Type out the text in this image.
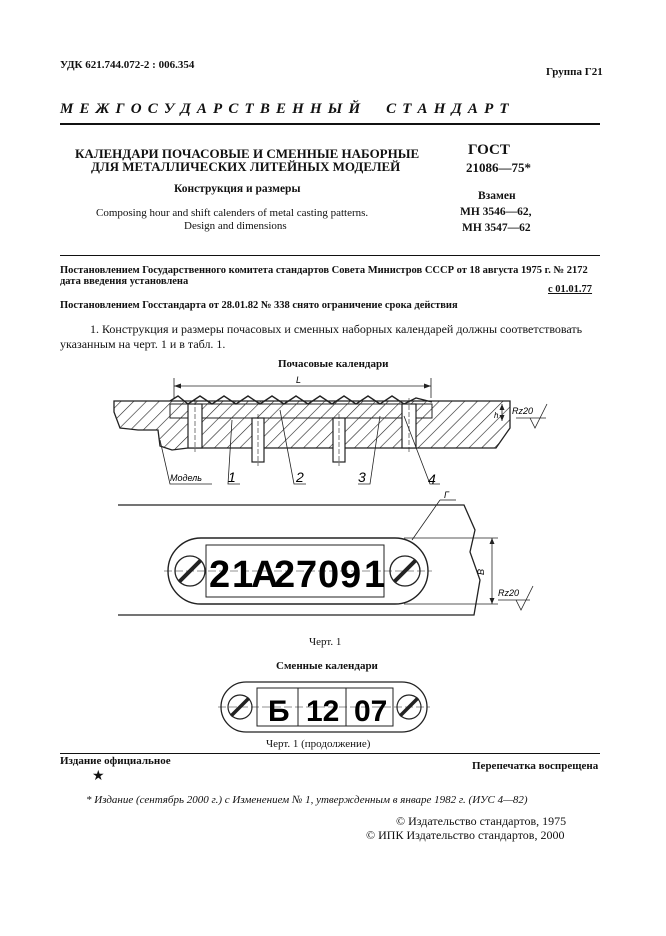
УДК 621.744.072-2 : 006.354
Группа Г21
М Е Ж Г О С У Д А Р С Т В Е Н Н Ы Й     С Т А Н Д А Р Т
КАЛЕНДАРИ ПОЧАСОВЫЕ И СМЕННЫЕ НАБОРНЫЕ
ДЛЯ МЕТАЛЛИЧЕСКИХ ЛИТЕЙНЫХ МОДЕЛЕЙ
Конструкция и размеры
Composing hour and shift calenders of metal casting patterns.
Design and dimensions
ГОСТ
21086—75*
Взамен
МН 3546—62,
МН 3547—62
Постановлением Государственного комитета стандартов Совета Министров СССР от 18 августа 1975 г. № 2172
дата введения установлена
с 01.01.77
Постановлением Госстандарта от 28.01.82 № 338 снято ограничение срока действия
1. Конструкция и размеры почасовых и сменных наборных календарей должны соответствовать
указанным на черт. 1 и в табл. 1.
Почасовые календари
L
h Rz20
Модель 1	2	3	4
2 1
А
2 7 0 9 1
Г
В
Rz20
Б 12 07
Черт. 1
Сменные календари
Черт. 1 (продолжение)
Издание официальное	Перепечатка воспрещена
★
* Издание (сентябрь 2000 г.) с Изменением № 1, утвержденным в январе 1982 г. (ИУС 4—82)
© Издательство стандартов, 1975
© ИПК Издательство стандартов, 2000
